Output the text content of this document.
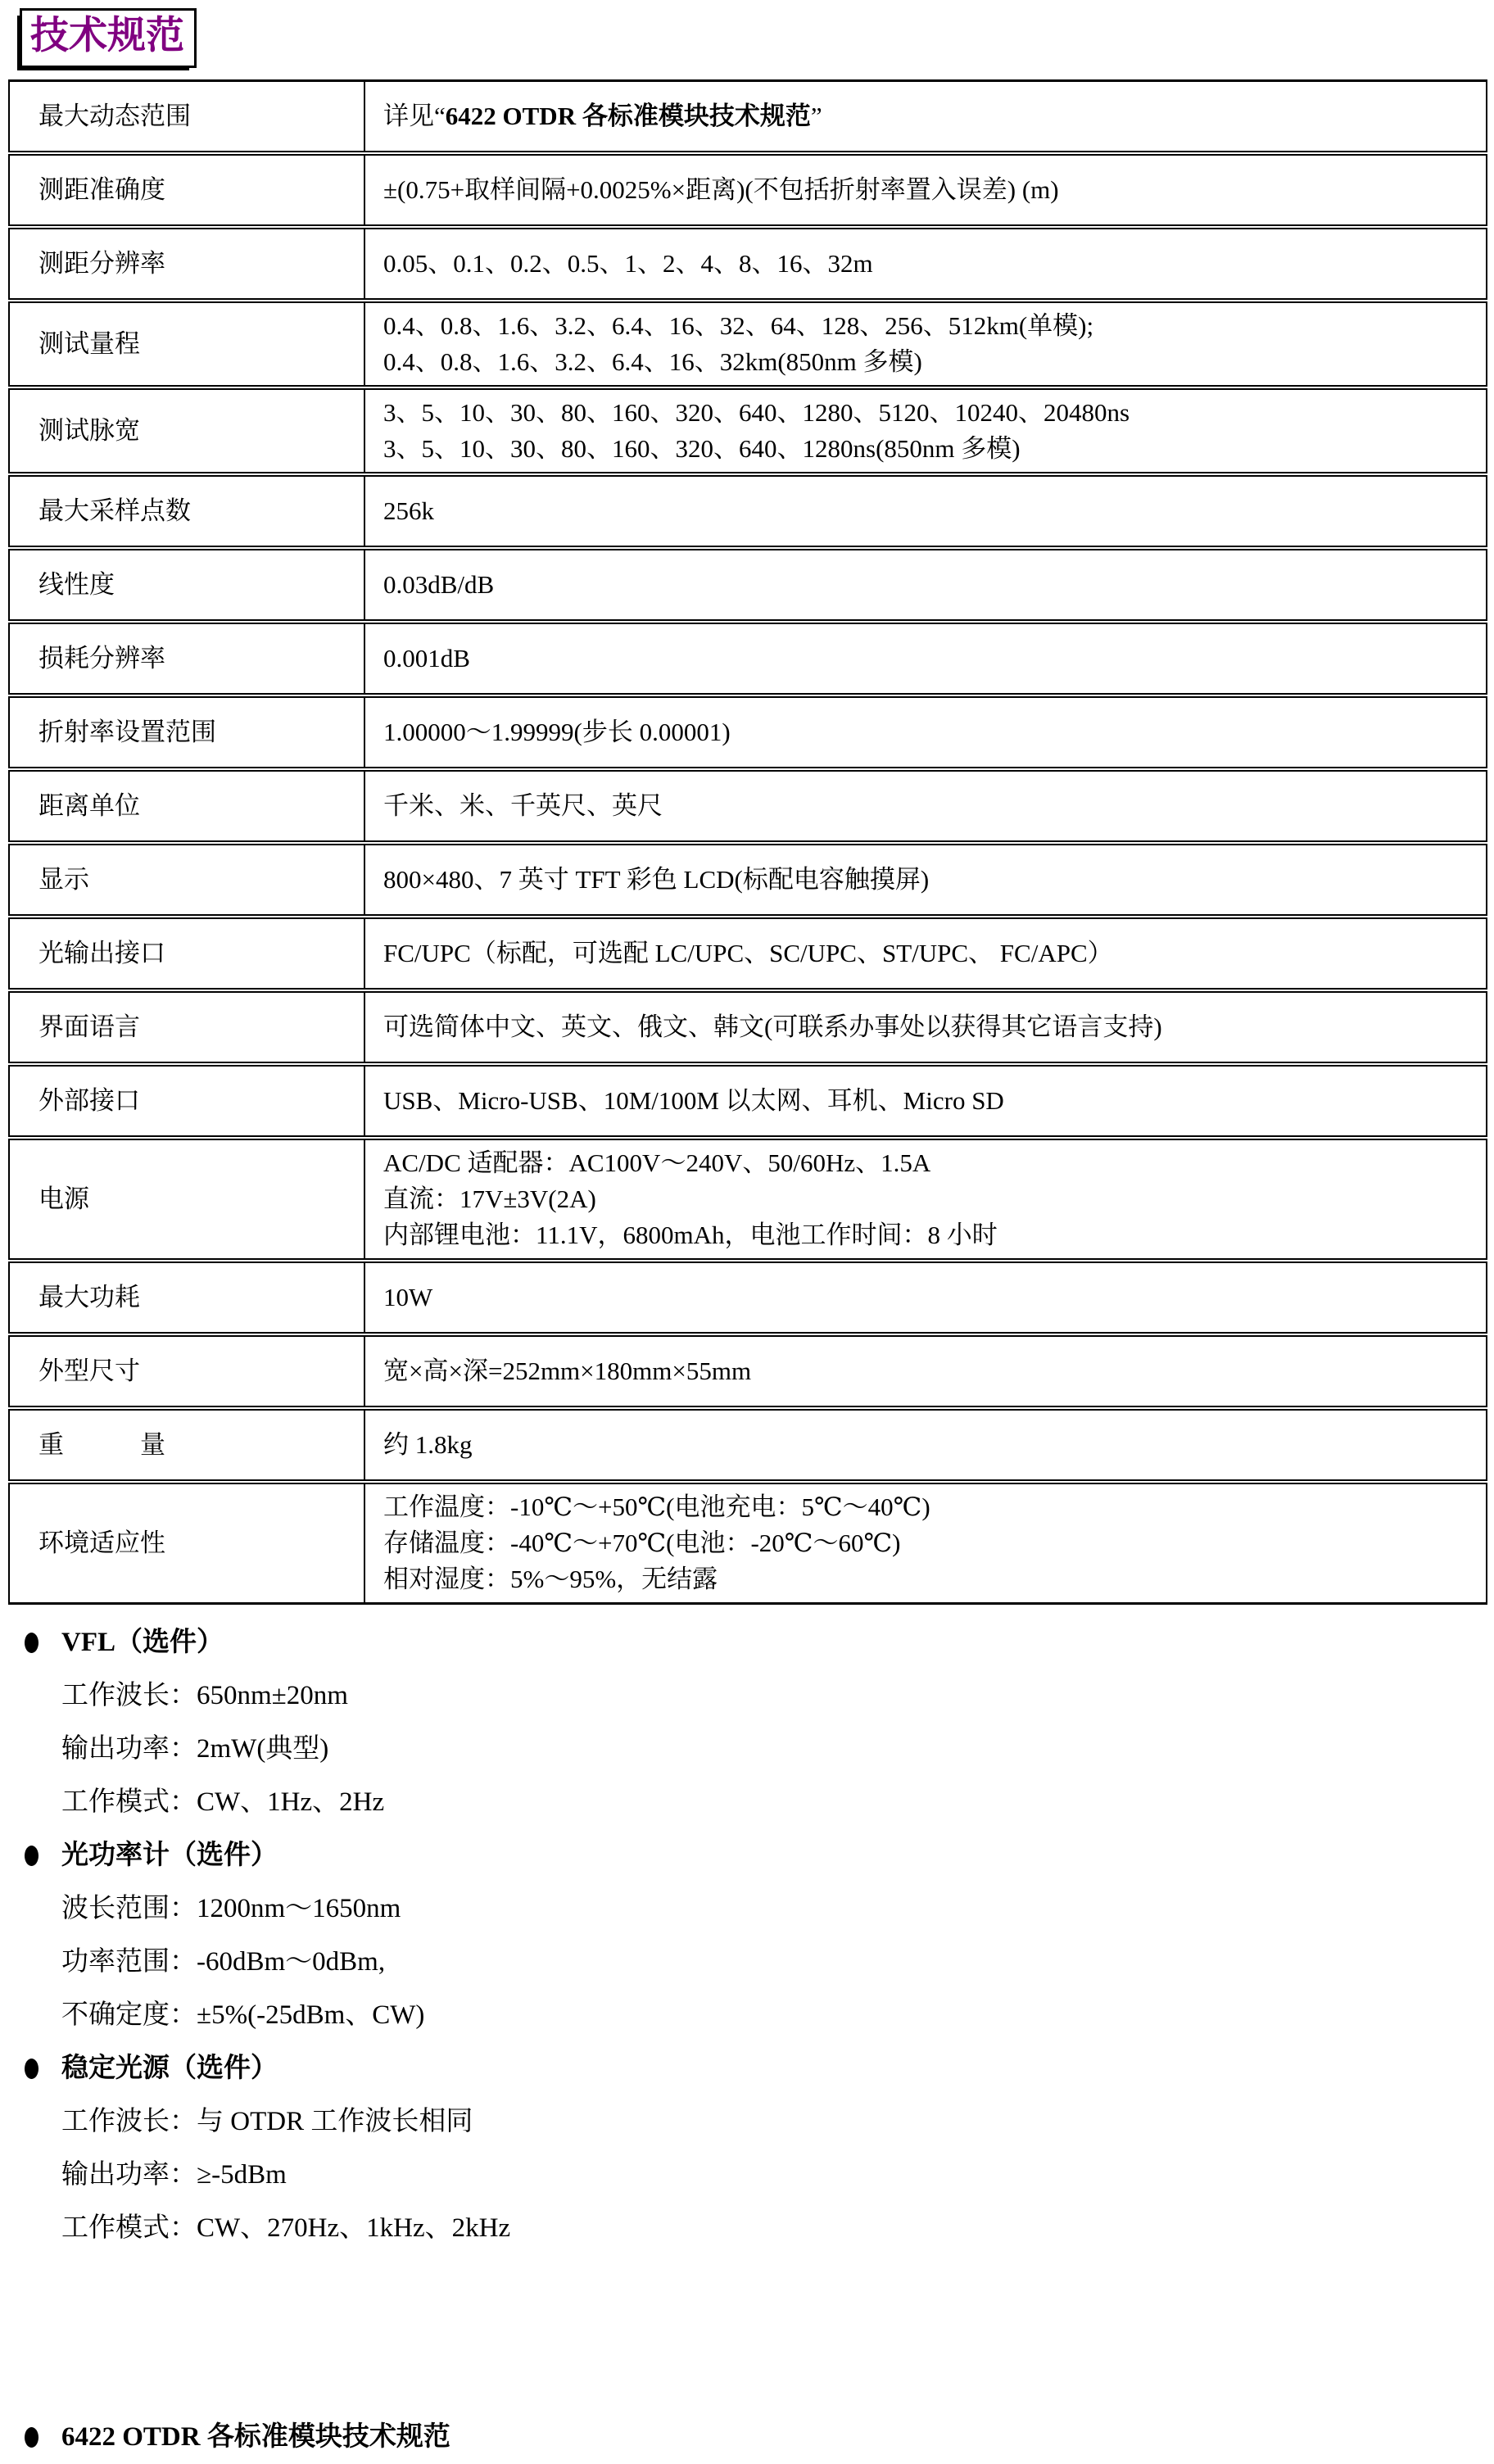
技术规范
最大动态范围	详见“6422 OTDR 各标准模块技术规范”

测距准确度	±(0.75+取样间隔+0.0025%×距离)(不包括折射率置入误差) (m)

测距分辨率	0.05、0.1、0.2、0.5、1、2、4、8、16、32m

测试量程	0.4、0.8、1.6、3.2、6.4、16、32、64、128、256、512km(单模);
0.4、0.8、1.6、3.2、6.4、16、32km(850nm 多模)

测试脉宽	3、5、10、30、80、160、320、640、1280、5120、10240、20480ns
3、5、10、30、80、160、320、640、1280ns(850nm 多模)

最大采样点数	256k

线性度	0.03dB/dB

损耗分辨率	0.001dB

折射率设置范围	1.00000～1.99999(步长 0.00001)

距离单位	千米、米、千英尺、英尺

显示	800×480、7 英寸 TFT 彩色 LCD(标配电容触摸屏)

光输出接口	FC/UPC（标配，可选配 LC/UPC、SC/UPC、ST/UPC、 FC/APC）

界面语言	可选简体中文、英文、俄文、韩文(可联系办事处以获得其它语言支持)

外部接口	USB、Micro-USB、10M/100M 以太网、耳机、Micro SD

电源	AC/DC 适配器：AC100V～240V、50/60Hz、1.5A
直流：17V±3V(2A)
内部锂电池：11.1V，6800mAh，电池工作时间：8 小时

最大功耗	10W

外型尺寸	宽×高×深=252mm×180mm×55mm

重　　　量	约 1.8kg

环境适应性	工作温度：-10℃～+50℃(电池充电：5℃～40℃)
存储温度：-40℃～+70℃(电池：-20℃～60℃)
相对湿度：5%～95%，无结露
VFL（选件）
工作波长：650nm±20nm
输出功率：2mW(典型)
工作模式：CW、1Hz、2Hz
光功率计（选件）
波长范围：1200nm～1650nm
功率范围：-60dBm～0dBm,
不确定度：±5%(-25dBm、CW)
稳定光源（选件）
工作波长：与 OTDR 工作波长相同
输出功率：≥-5dBm
工作模式：CW、270Hz、1kHz、2kHz
6422 OTDR 各标准模块技术规范
